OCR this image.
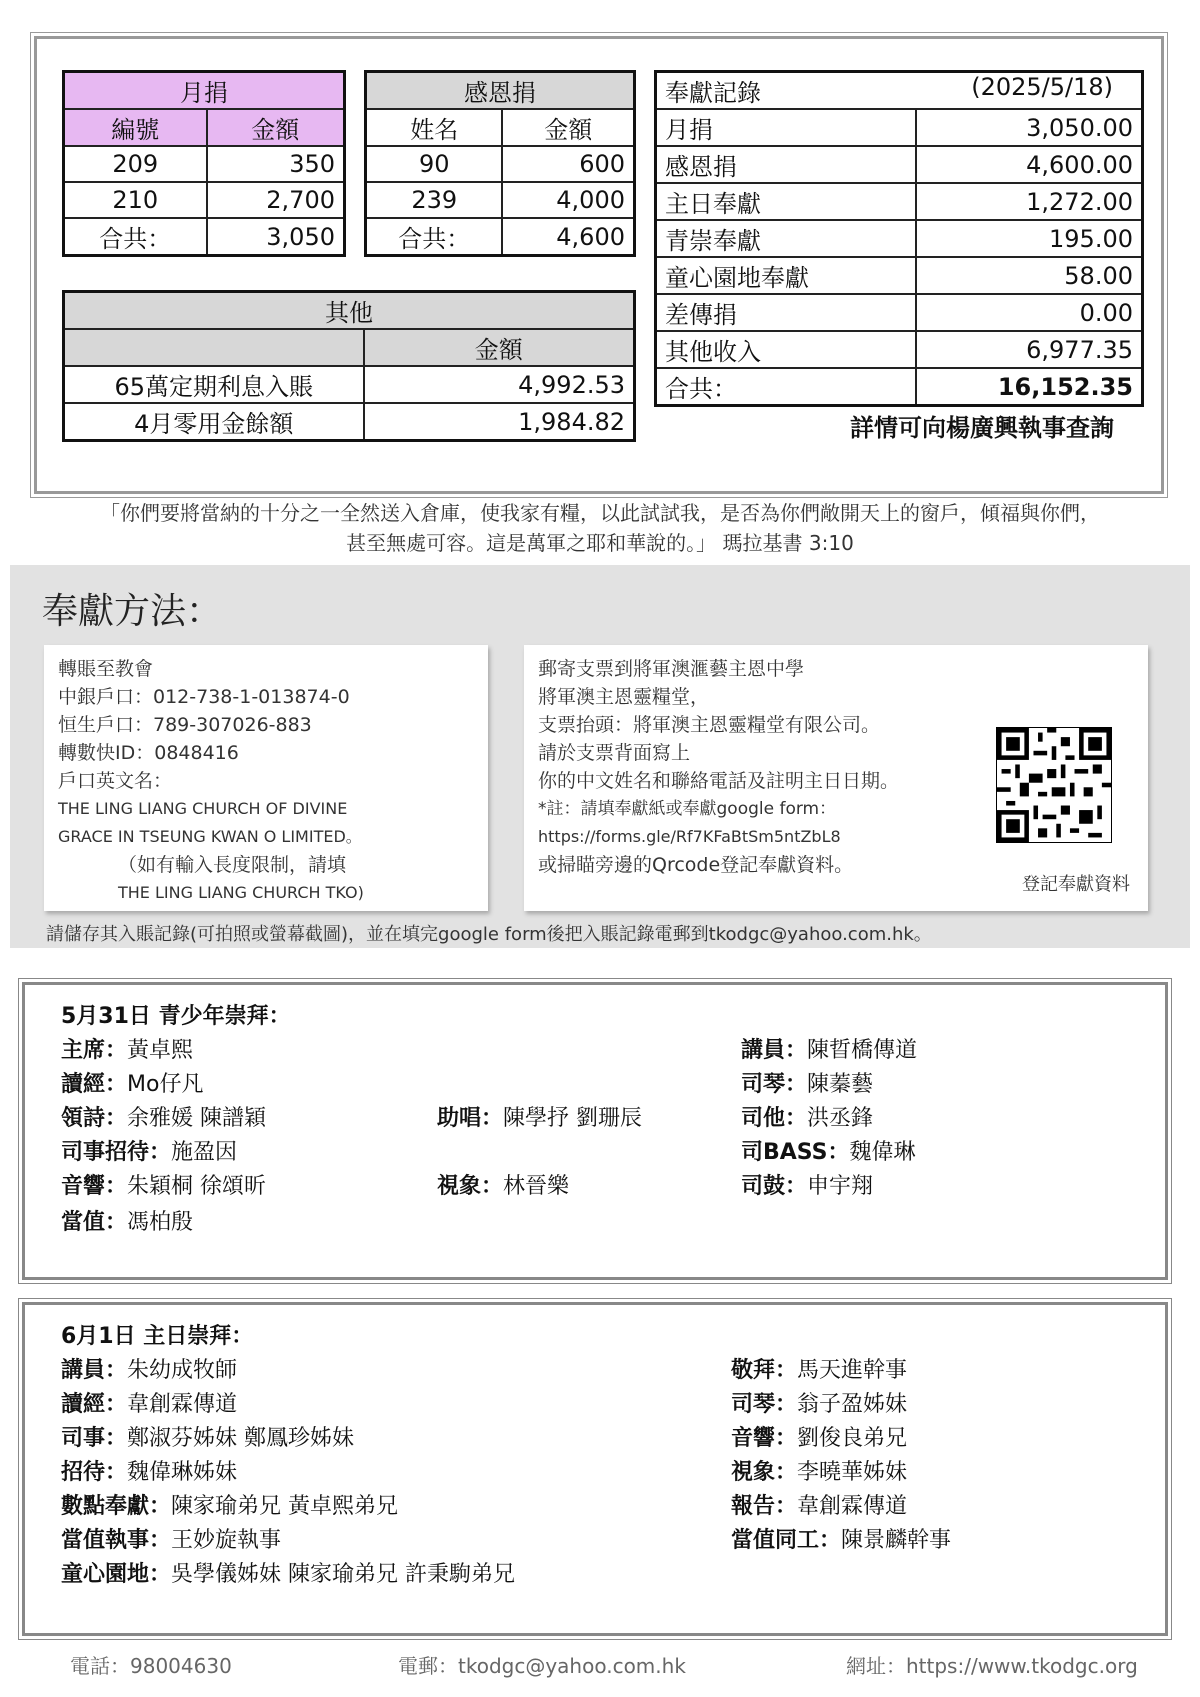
月捐	
編號	金額
209	350
210	2,700
合共：	3,050
感恩捐	
姓名	金額
90	600
239	4,000
合共：	4,600
其他	
	金額
65萬定期利息入賬	4,992.53
4月零用金餘額	1,984.82
奉獻記錄 (2025/5/18)	

月捐	3,050.00
感恩捐	4,600.00
主日奉獻	1,272.00
青崇奉獻	195.00
童心園地奉獻	58.00
差傳捐	0.00
其他收入	6,977.35
合共：	16,152.35
詳情可向楊廣興執事查詢
「你們要將當納的十分之一全然送入倉庫，使我家有糧，以此試試我，是否為你們敞開天上的窗戶，傾福與你們，
甚至無處可容。這是萬軍之耶和華說的。」 瑪拉基書 3:10
奉獻方法：
轉賬至教會
中銀戶口：012-738-1-013874-0
恒生戶口：789-307026-883
轉數快ID：0848416
戶口英文名：
THE LING LIANG CHURCH OF DIVINE
GRACE IN TSEUNG KWAN O LIMITED。
（如有輸入長度限制，請填
THE LING LIANG CHURCH TKO)
郵寄支票到將軍澳滙藝主恩中學
將軍澳主恩靈糧堂，
支票抬頭：將軍澳主恩靈糧堂有限公司。
請於支票背面寫上
你的中文姓名和聯絡電話及註明主日日期。
*註：請填奉獻紙或奉獻google form：
https://forms.gle/Rf7KFaBtSm5ntZbL8
或掃瞄旁邊的Qrcode登記奉獻資料。
登記奉獻資料
請儲存其入賬記錄(可拍照或螢幕截圖)，並在填完google form後把入賬記錄電郵到tkodgc@yahoo.com.hk。
5月31日 青少年崇拜：
主席：黃卓熙	講員：陳晢橋傳道
讀經：Mo仔凡	司琴：陳蓁藝
領詩：余雅媛 陳譜穎	助唱：陳學抒 劉珊辰	司他：洪丞鋒
司事招待：施盈因	司BASS：魏偉琳
音響：朱穎桐 徐頌昕	視象：林晉樂	司鼓：申宇翔
當值：馮柏殷
6月1日 主日崇拜：
講員：朱幼成牧師	敬拜：馬天進幹事
讀經：韋創霖傳道	司琴：翁子盈姊妹
司事：鄭淑芬姊妹 鄭鳳珍姊妹	音響：劉俊良弟兄
招待：魏偉琳姊妹	視象：李曉華姊妹
數點奉獻：陳家瑜弟兄 黃卓熙弟兄	報告：韋創霖傳道
當值執事：王妙旋執事	當值同工：陳景麟幹事
童心園地：吳學儀姊妹 陳家瑜弟兄 許秉駒弟兄
電話：98004630	電郵：tkodgc@yahoo.com.hk	網址：https://www.tkodgc.org
